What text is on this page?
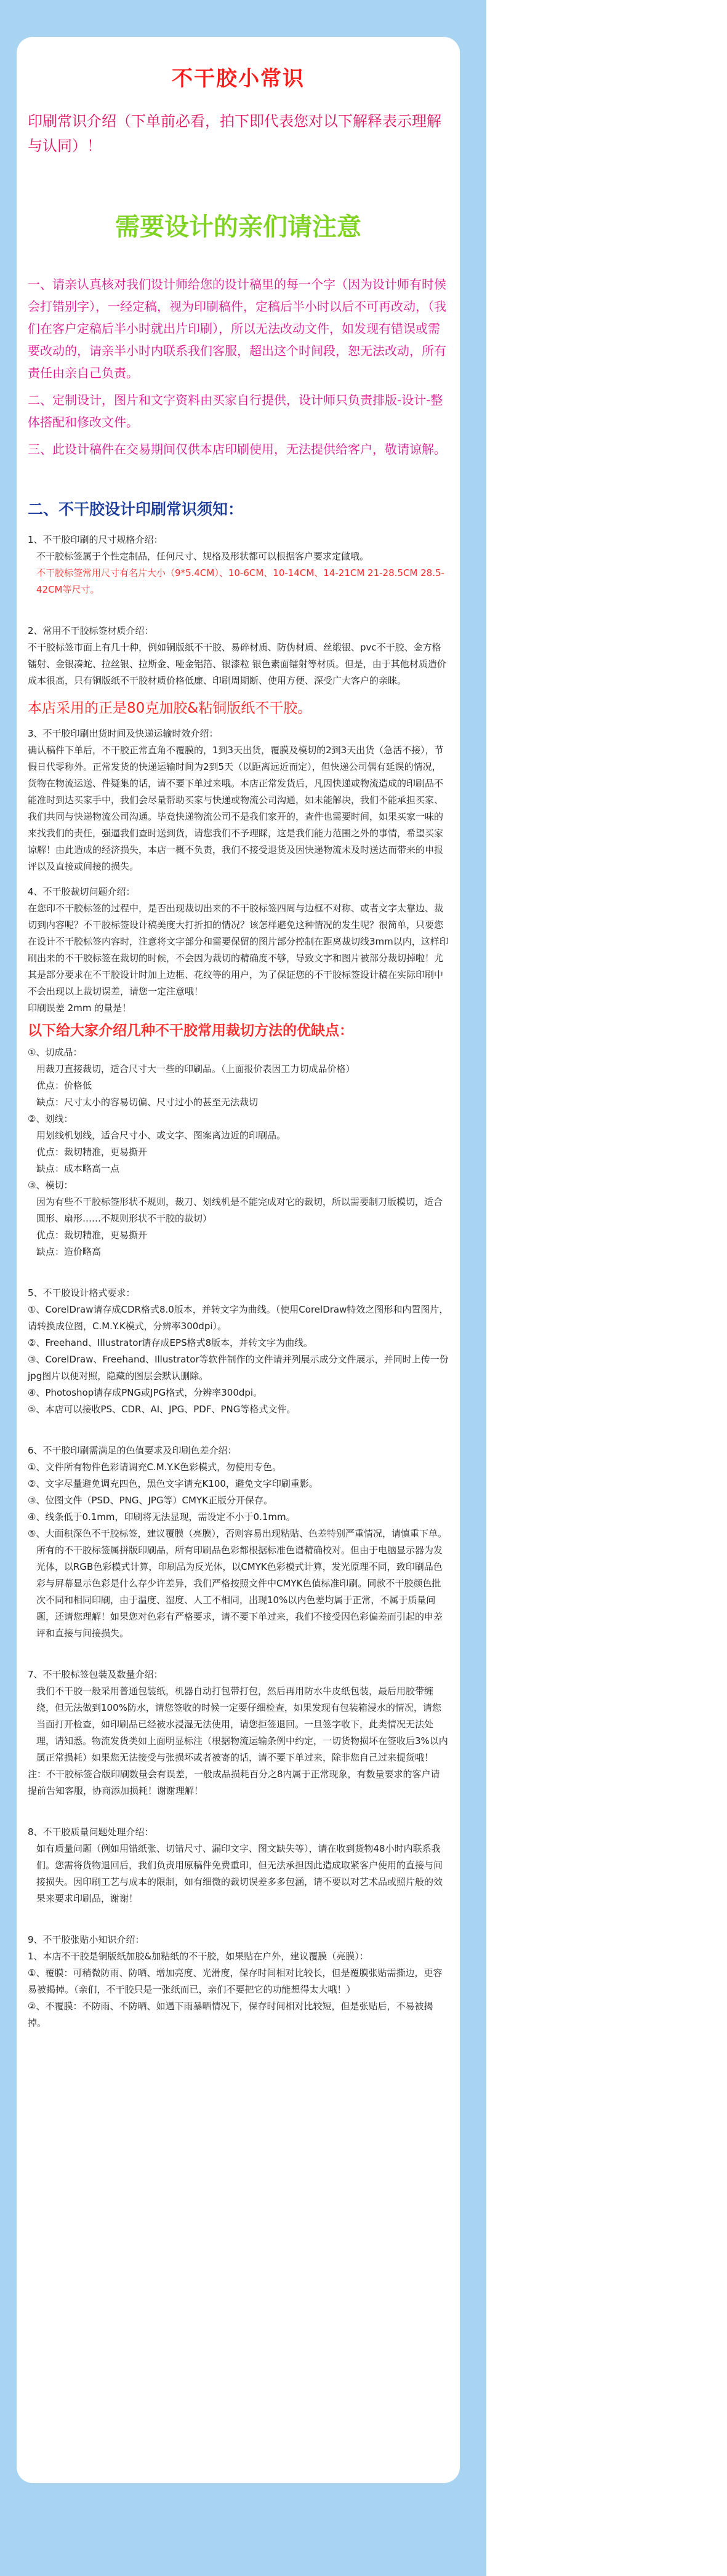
不干胶小常识
印刷常识介绍（下单前必看，拍下即代表您对以下解释表示理解与认同）！
需要设计的亲们请注意
一、请亲认真核对我们设计师给您的设计稿里的每一个字（因为设计师有时候会打错别字），一经定稿，视为印刷稿件，定稿后半小时以后不可再改动，（我们在客户定稿后半小时就出片印刷），所以无法改动文件，如发现有错误或需要改动的，请亲半小时内联系我们客服，超出这个时间段，恕无法改动，所有责任由亲自己负责。
二、定制设计，图片和文字资料由买家自行提供，设计师只负责排版-设计-整体搭配和修改文件。
三、此设计稿件在交易期间仅供本店印刷使用，无法提供给客户，敬请谅解。
二、不干胶设计印刷常识须知：
1、不干胶印刷的尺寸规格介绍：
不干胶标签属于个性定制品，任何尺寸、规格及形状都可以根据客户要求定做哦。
不干胶标签常用尺寸有名片大小（9*5.4CM）、10-6CM、10-14CM、14-21CM 21-28.5CM 28.5-42CM等尺寸。
2、常用不干胶标签材质介绍：
不干胶标签市面上有几十种，例如铜版纸不干胶、易碎材质、防伪材质、丝缎银、pvc不干胶、金方格镭射、金银凑蛇、拉丝银、拉斯金、哑金铝箔、银漆粒 银色素面镭射等材质。但是，由于其他材质造价成本很高，只有铜版纸不干胶材质价格低廉、印刷周期断、使用方便、深受广大客户的亲睐。
本店采用的正是80克加胶&粘铜版纸不干胶。
3、不干胶印刷出货时间及快递运输时效介绍：
确认稿件下单后，不干胶正常直角不覆膜的，1到3天出货，覆膜及模切的2到3天出货（急活不接），节假日代零称外。正常发货的快递运输时间为2到5天（以距离远近而定），但快递公司偶有延误的情况，货物在物流运送、件疑集的话，请不要下单过来哦。本店正常发货后，凡因快递或物流造成的印刷品不能准时到达买家手中，我们会尽量帮助买家与快递或物流公司沟通，如未能解决，我们不能承担买家、我们共同与快递物流公司沟通。毕竟快递物流公司不是我们家开的，查件也需要时间，如果买家一味的来找我们的责任，强逼我们查时送到货，请您我们不予理睬，这是我们能力范围之外的事情，希望买家谅解！由此造成的经济损失，本店一概不负责，我们不接受退货及因快递物流未及时送达而带来的申报评以及直接或间接的损失。
4、不干胶裁切问题介绍：
在您印不干胶标签的过程中，是否出现裁切出来的不干胶标签四周与边框不对称、或者文字太靠边、裁切到内容呢？不干胶标签设计稿美度大打折扣的情况？该怎样避免这种情况的发生呢？很简单，只要您在设计不干胶标签内容时，注意将文字部分和需要保留的图片部分控制在距离裁切线3mm以内，这样印刷出来的不干胶标签在裁切的时候，不会因为裁切的精确度不够，导致文字和图片被部分裁切掉啦！尤其是部分要求在不干胶设计时加上边框、花纹等的用户，为了保证您的不干胶标签设计稿在实际印刷中不会出现以上裁切误差，请您一定注意哦！
印刷误差 2mm 的量是！
以下给大家介绍几种不干胶常用裁切方法的优缺点：
①、切成品：
用裁刀直接裁切，适合尺寸大一些的印刷品。（上面报价表因工力切成品价格）
优点：价格低
缺点：尺寸太小的容易切偏、尺寸过小的甚至无法裁切
②、划线：
用划线机划线，适合尺寸小、或文字、图案离边近的印刷品。
优点：裁切精准，更易撕开
缺点：成本略高一点
③、模切：
因为有些不干胶标签形状不规则，裁刀、划线机是不能完成对它的裁切，所以需要制刀版模切，适合圆形、扇形……不规则形状不干胶的裁切）
优点：裁切精准，更易撕开
缺点：造价略高
5、不干胶设计格式要求：
①、CorelDraw请存成CDR格式8.0版本，并转文字为曲线。（使用CorelDraw特效之图形和内置图片，请转换成位图，C.M.Y.K模式，分辨率300dpi）。
②、Freehand、Illustrator请存成EPS格式8版本，并转文字为曲线。
③、CorelDraw、Freehand、Illustrator等软件制作的文件请并列展示成分文件展示，并同时上传一份jpg图片以便对照，隐藏的图层会默认删除。
④、Photoshop请存成PNG或JPG格式，分辨率300dpi。
⑤、本店可以接收PS、CDR、AI、JPG、PDF、PNG等格式文件。
6、不干胶印刷需满足的色值要求及印刷色差介绍：
①、文件所有物件色彩请调充C.M.Y.K色彩模式，勿使用专色。
②、文字尽量避免调充四色，黑色文字请充K100，避免文字印刷重影。
③、位图文件（PSD、PNG、JPG等）CMYK正版分开保存。
④、线条低于0.1mm，印刷将无法显现，需设定不小于0.1mm。
⑤、大面积深色不干胶标签，建议覆膜（亮膜），否则容易出现粘贴、色差特别严重情况，请慎重下单。
所有的不干胶标签属拼版印刷品，所有印刷品色彩都根据标准色谱精确校对。但由于电脑显示器为发光体，以RGB色彩模式计算，印刷品为反光体，以CMYK色彩模式计算，发光原理不同，致印刷品色彩与屏幕显示色彩是什么存少许差异，我们严格按照文件中CMYK色值标准印刷。同款不干胶颜色批次不同和相同印刷，由于温度、湿度、人工不相同，出现10%以内色差均属于正常，不属于质量问题，还请您理解！如果您对色彩有严格要求，请不要下单过来，我们不接受因色彩偏差而引起的申差评和直接与间接损失。
7、不干胶标签包装及数量介绍：
我们不干胶一般采用普通包装纸，机器自动打包带打包，然后再用防水牛皮纸包装，最后用胶带缠绕，但无法做到100%防水，请您签收的时候一定要仔细检查，如果发现有包装箱浸水的情况，请您当面打开检查，如印刷品已经被水浸湿无法使用，请您拒签退回。一旦签字收下，此类情况无法处理，请知悉。物流发货类如上面明显标注（根据物流运输条例中约定，一切货物损坏在签收后3%以内属正常损耗）如果您无法接受与张损坏或者被寄的话，请不要下单过来，除非您自己过来提货哦！
注：不干胶标签合版印刷数量会有误差，一般成品损耗百分之8内属于正常现象，有数量要求的客户请提前告知客服，协商添加损耗！谢谢理解！
8、不干胶质量问题处理介绍：
如有质量问题（例如用错纸张、切错尺寸、漏印文字、图文缺失等），请在收到货物48小时内联系我们。您需将货物退回后，我们负责用原稿件免费重印，但无法承担因此造成取紧客户使用的直接与间接损失。因印刷工艺与成本的限制，如有细微的裁切误差多多包涵，请不要以对艺术品或照片般的效果来要求印刷品，谢谢！
9、不干胶张贴小知识介绍：
1、本店不干胶是铜版纸加胶&加粘纸的不干胶，如果贴在户外，建议覆膜（亮膜）：
①、覆膜：可稍微防雨、防晒、增加亮度、光滑度，保存时间相对比较长，但是覆膜张贴需撕边，更容易被揭掉。（亲们，不干胶只是一张纸而已，亲们不要把它的功能想得太大哦！）
②、不覆膜：不防雨、不防晒、如遇下雨暴晒情况下，保存时间相对比较短，但是张贴后，不易被揭掉。
